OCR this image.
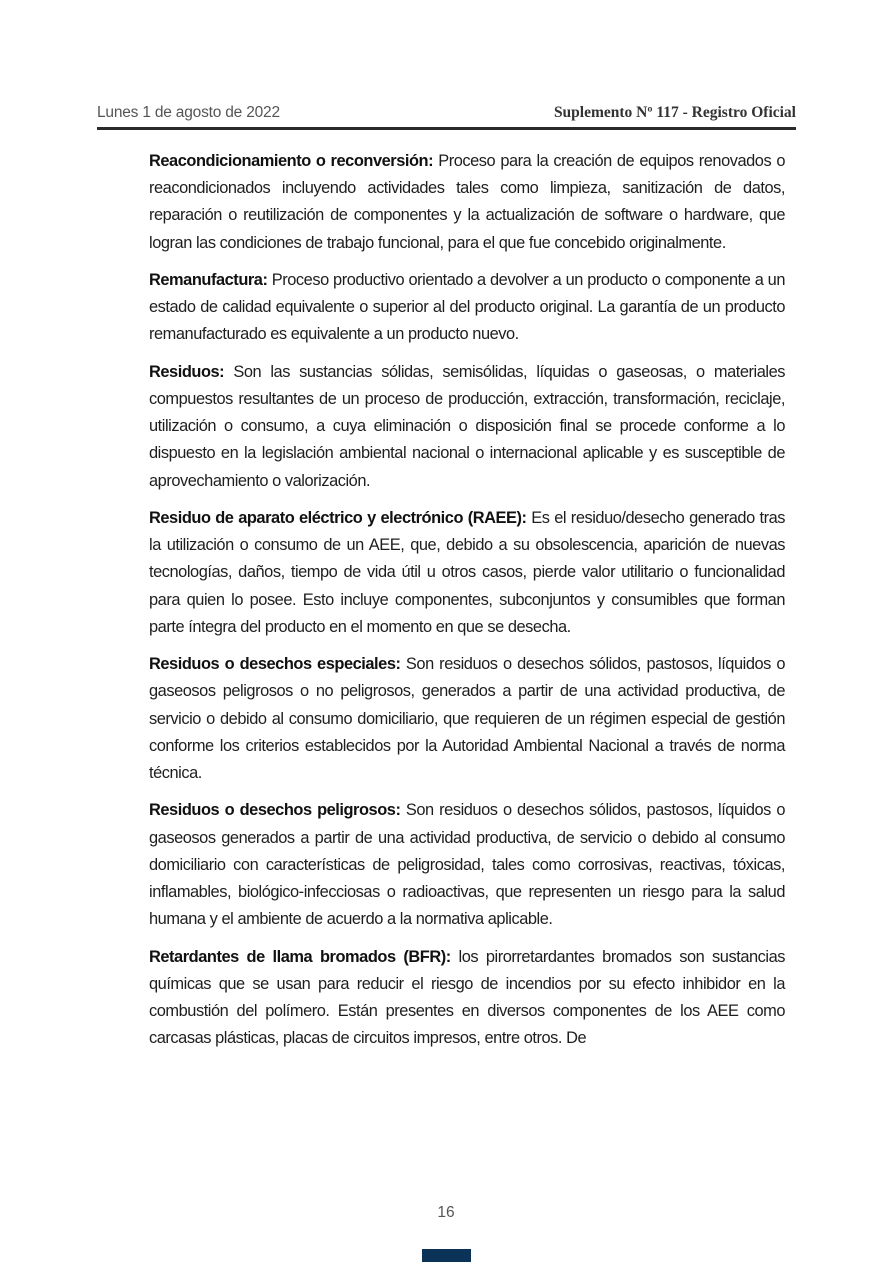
Lunes 1 de agosto de 2022	Suplemento Nº 117 - Registro Oficial

Reacondicionamiento o reconversión: Proceso para la creación de equipos renovados o reacondicionados incluyendo actividades tales como limpieza, sanitización de datos, reparación o reutilización de componentes y la actualización de software o hardware, que logran las condiciones de trabajo funcional, para el que fue concebido originalmente.

Remanufactura: Proceso productivo orientado a devolver a un producto o componente a un estado de calidad equivalente o superior al del producto original. La garantía de un producto remanufacturado es equivalente a un producto nuevo.

Residuos: Son las sustancias sólidas, semisólidas, líquidas o gaseosas, o materiales compuestos resultantes de un proceso de producción, extracción, transformación, reciclaje, utilización o consumo, a cuya eliminación o disposición final se procede conforme a lo dispuesto en la legislación ambiental nacional o internacional aplicable y es susceptible de aprovechamiento o valorización.

Residuo de aparato eléctrico y electrónico (RAEE): Es el residuo/desecho generado tras la utilización o consumo de un AEE, que, debido a su obsolescencia, aparición de nuevas tecnologías, daños, tiempo de vida útil u otros casos, pierde valor utilitario o funcionalidad para quien lo posee. Esto incluye componentes, subconjuntos y consumibles que forman parte íntegra del producto en el momento en que se desecha.

Residuos o desechos especiales: Son residuos o desechos sólidos, pastosos, líquidos o gaseosos peligrosos o no peligrosos, generados a partir de una actividad productiva, de servicio o debido al consumo domiciliario, que requieren de un régimen especial de gestión conforme los criterios establecidos por la Autoridad Ambiental Nacional a través de norma técnica.

Residuos o desechos peligrosos: Son residuos o desechos sólidos, pastosos, líquidos o gaseosos generados a partir de una actividad productiva, de servicio o debido al consumo domiciliario con características de peligrosidad, tales como corrosivas, reactivas, tóxicas, inflamables, biológico-infecciosas o radioactivas, que representen un riesgo para la salud humana y el ambiente de acuerdo a la normativa aplicable.

Retardantes de llama bromados (BFR): los pirorretardantes bromados son sustancias químicas que se usan para reducir el riesgo de incendios por su efecto inhibidor en la combustión del polímero. Están presentes en diversos componentes de los AEE como carcasas plásticas, placas de circuitos impresos, entre otros. De

16
